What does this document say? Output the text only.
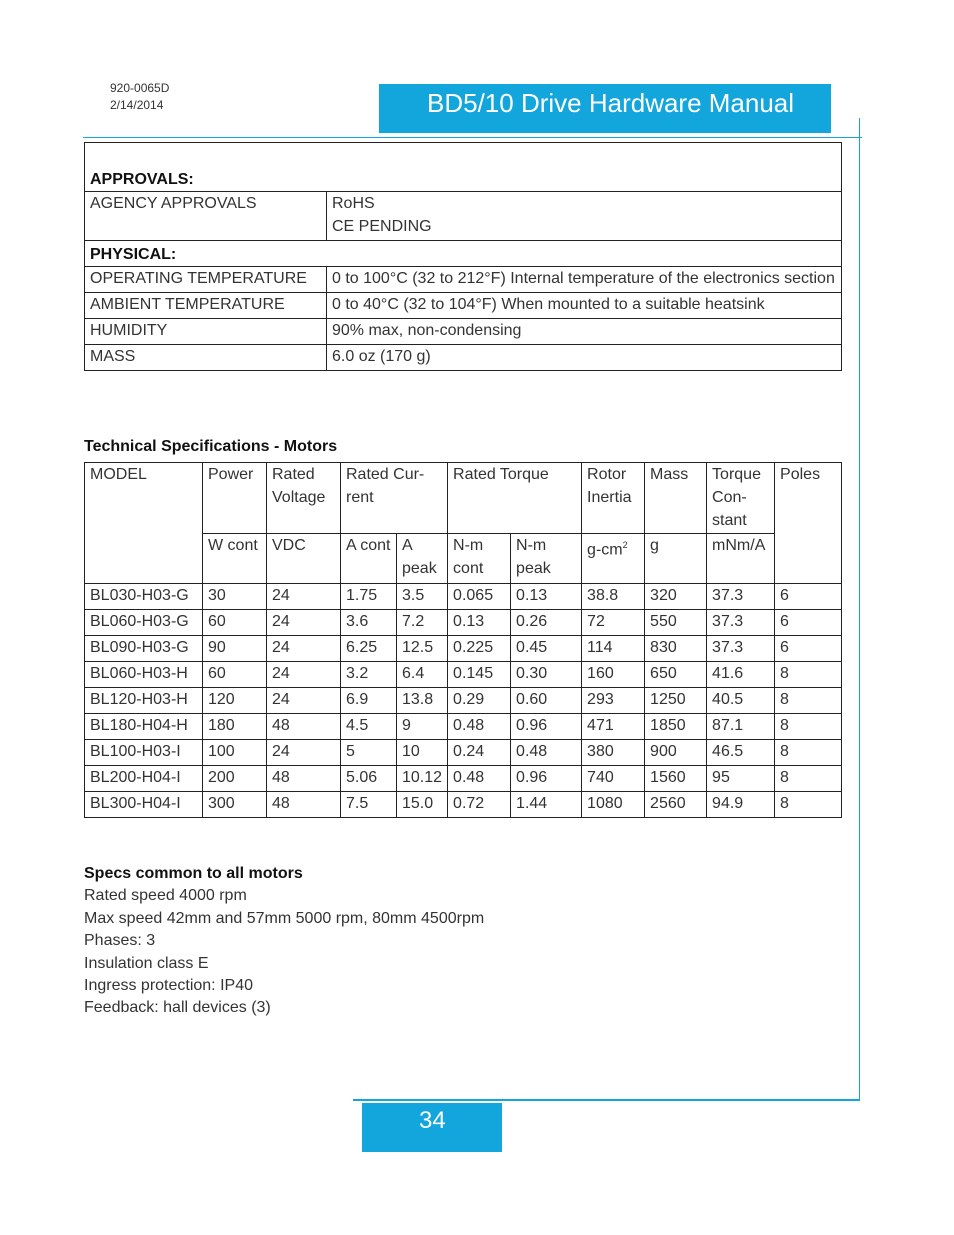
920-0065D
2/14/2014	BD5/10 Drive Hardware Manual
APPROVALS:	
AGENCY APPROVALS	RoHS
CE PENDING

PHYSICAL:	
OPERATING TEMPERATURE	0 to 100°C (32 to 212°F) Internal temperature of the electronics section
AMBIENT TEMPERATURE	0 to 40°C (32 to 104°F) When mounted to a suitable heatsink
HUMIDITY	90% max, non-condensing
MASS	6.0 oz (170 g)
Technical Specifications - Motors
MODEL	Power	Rated Voltage	Rated Cur-rent		Rated Torque		Rotor Inertia	Mass	Torque Con-stant	Poles
	W cont	VDC	A cont	A peak	N-m cont	N-m peak	$g-cm^2$	g	mNm/A	
BL030-H03-G	30	24	1.75	3.5	0.065	0.13	38.8	320	37.3	6
BL060-H03-G	60	24	3.6	7.2	0.13	0.26	72	550	37.3	6
BL090-H03-G	90	24	6.25	12.5	0.225	0.45	114	830	37.3	6
BL060-H03-H	60	24	3.2	6.4	0.145	0.30	160	650	41.6	8
BL120-H03-H	120	24	6.9	13.8	0.29	0.60	293	1250	40.5	8
BL180-H04-H	180	48	4.5	9	0.48	0.96	471	1850	87.1	8
BL100-H03-I	100	24	5	10	0.24	0.48	380	900	46.5	8
BL200-H04-I	200	48	5.06	10.12	0.48	0.96	740	1560	95	8
BL300-H04-I	300	48	7.5	15.0	0.72	1.44	1080	2560	94.9	8
Specs common to all motors
Rated speed 4000 rpm
Max speed 42mm and 57mm 5000 rpm, 80mm 4500rpm
Phases: 3
Insulation class E
Ingress protection: IP40
Feedback: hall devices (3)
34
